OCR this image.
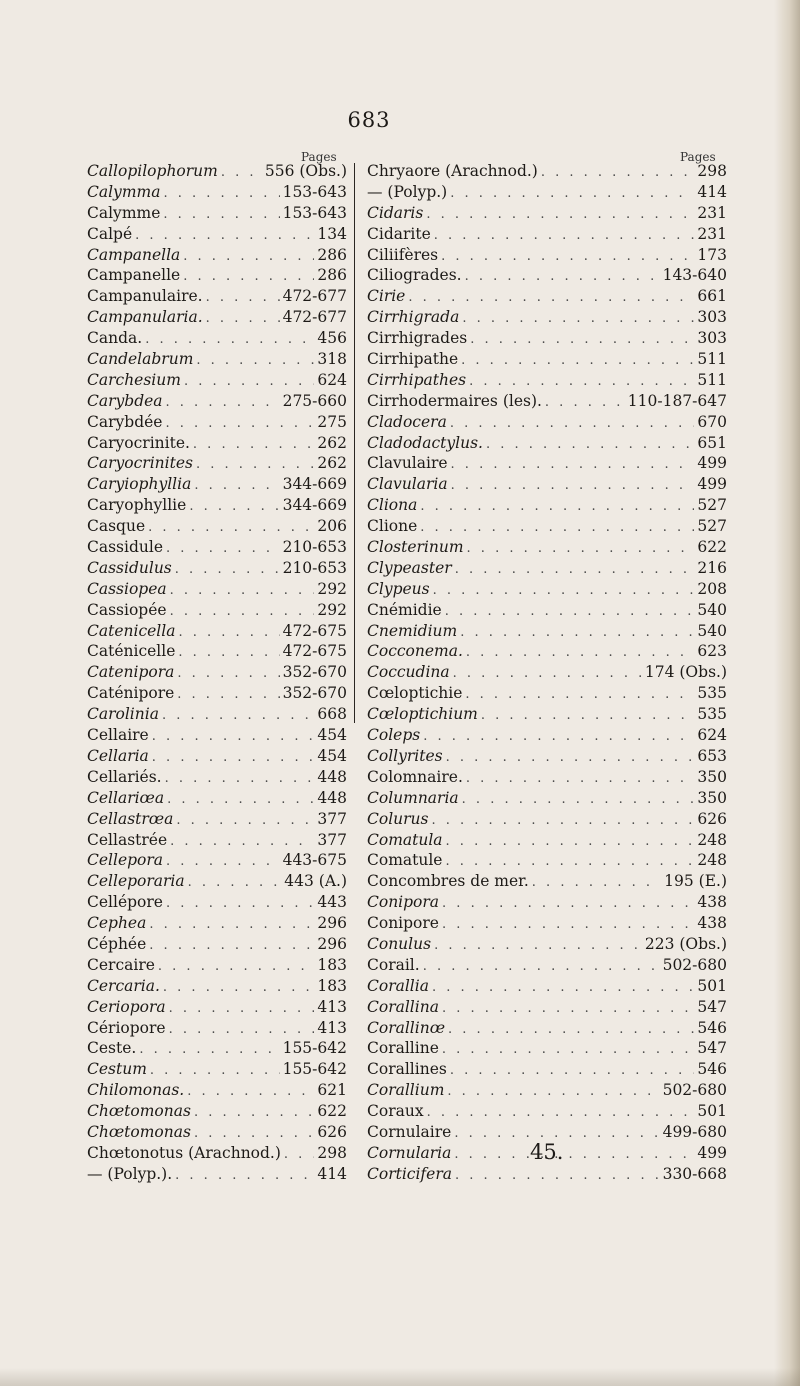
683
Pages	Pages
Callopilophorum . . .	556 (Obs.)
Calymma . . .	153-643
Calymme . . .	153-643
Calpé . . .	134
Campanella . . .	286
Campanelle . . .	286
Campanulaire. . . .	472-677
Campanularia. . . .	472-677
Canda. . . .	456
Candelabrum . . .	318
Carchesium . . .	624
Carybdea . . .	275-660
Carybdée . . .	275
Caryocrinite. . . .	262
Caryocrinites . . .	262
Caryiophyllia . . .	344-669
Caryophyllie . . .	344-669
Casque . . .	206
Cassidule . . .	210-653
Cassidulus . . .	210-653
Cassiopea . . .	292
Cassiopée . . .	292
Catenicella . . .	472-675
Caténicelle . . .	472-675
Catenipora . . .	352-670
Caténipore . . .	352-670
Carolinia . . .	668
Cellaire . . .	454
Cellaria . . .	454
Cellariés. . . .	448
Cellariœa . . .	448
Cellastrœa . . .	377
Cellastrée . . .	377
Cellepora . . .	443-675
Celleporaria . . .	443 (A.)
Cellépore . . .	443
Cephea . . .	296
Céphée . . .	296
Cercaire . . .	183
Cercaria. . . .	183
Ceriopora . . .	413
Cériopore . . .	413
Ceste. . . .	155-642
Cestum . . .	155-642
Chilomonas. . . .	621
Chœtomonas . . .	622
Chœtomonas . . .	626
Chœtonotus (Arachnod.) . . . 298
— (Polyp.). . . .	414
Chryaore (Arachnod.) . . .	298
— (Polyp.) . . .	414
Cidaris . . .	231
Cidarite . . .	231
Ciliifères . . .	173
Ciliogrades. . . .	143-640
Cirie . . .	661
Cirrhigrada . . .	303
Cirrhigrades . . .	303
Cirrhipathe . . .	511
Cirrhipathes . . .	511
Cirrhodermaires (les). . . .	110-187-647
Cladocera . . .	670
Cladodactylus. . . .	651
Clavulaire . . .	499
Clavularia . . .	499
Cliona . . .	527
Clione . . .	527
Closterinum . . .	622
Clypeaster . . .	216
Clypeus . . .	208
Cnémidie . . .	540
Cnemidium . . .	540
Cocconema. . . .	623
Coccudina . . .	174 (Obs.)
Cœloptichie . . .	535
Cœloptichium . . .	535
Coleps . . .	624
Collyrites . . .	653
Colomnaire. . . .	350
Columnaria . . .	350
Colurus . . .	626
Comatula . . .	248
Comatule . . .	248
Concombres de mer. . . .	195 (E.)
Conipora . . .	438
Conipore . . .	438
Conulus . . .	223 (Obs.)
Corail. . . .	502-680
Corallia . . .	501
Corallina . . .	547
Corallinœ . . .	546
Coralline . . .	547
Corallines . . .	546
Corallium . . .	502-680
Coraux . . .	501
Cornulaire . . .	499-680
Cornularia . . .	499
Corticifera . . .	330-668
45.
